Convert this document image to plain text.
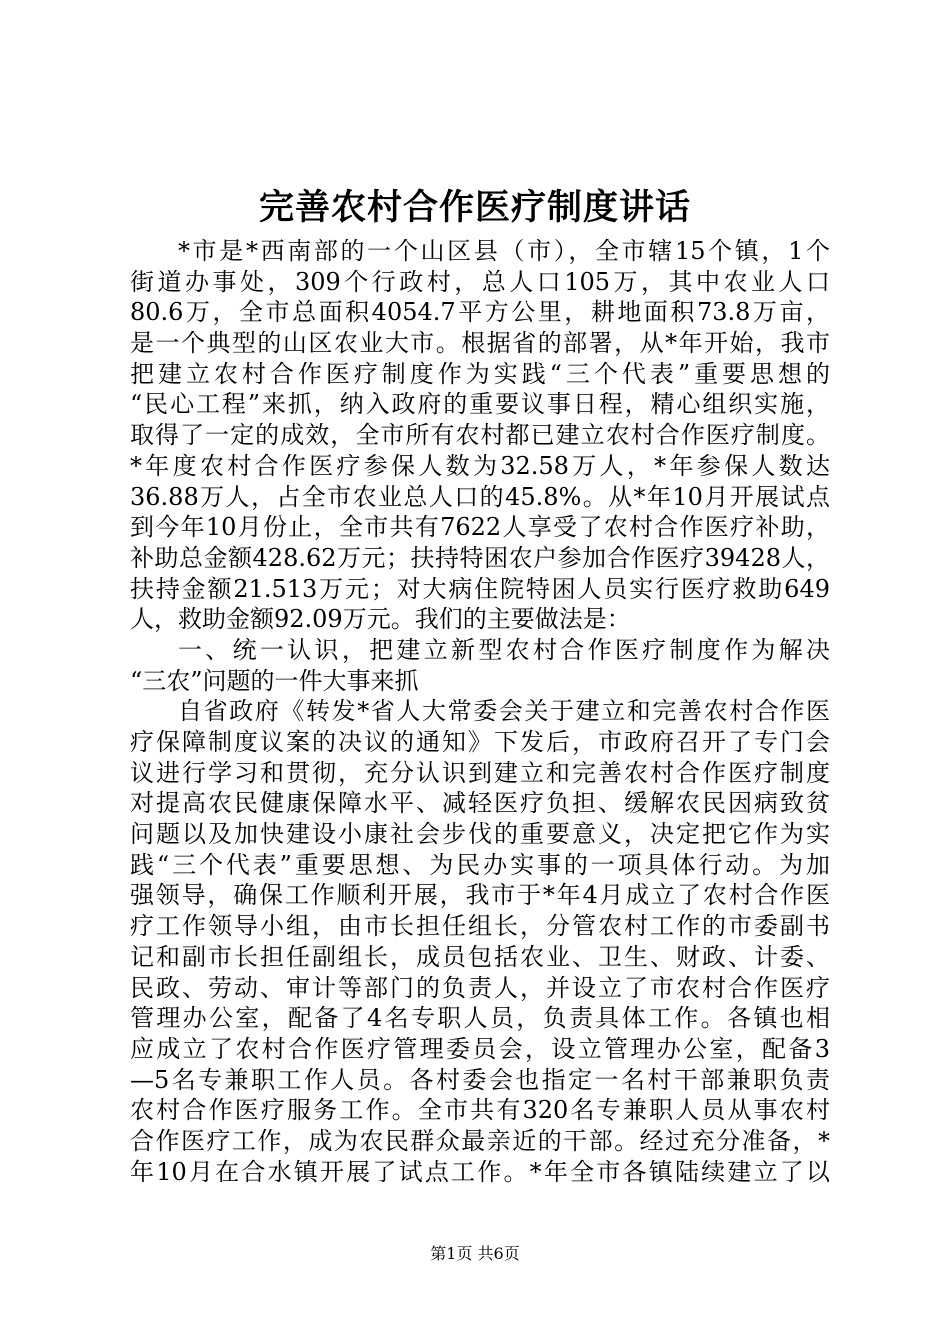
完善农村合作医疗制度讲话
*市是*西南部的一个山区县（市），全市辖15个镇，1个
街道办事处，309个行政村，总人口105万，其中农业人口
80.6万，全市总面积4054.7平方公里，耕地面积73.8万亩，
是一个典型的山区农业大市。根据省的部署，从*年开始，我市
把建立农村合作医疗制度作为实践“三个代表”重要思想的
“民心工程”来抓，纳入政府的重要议事日程，精心组织实施，
取得了一定的成效，全市所有农村都已建立农村合作医疗制度。
*年度农村合作医疗参保人数为32.58万人，*年参保人数达
36.88万人，占全市农业总人口的45.8%。从*年10月开展试点
到今年10月份止，全市共有7622人享受了农村合作医疗补助，
补助总金额428.62万元；扶持特困农户参加合作医疗39428人，
扶持金额21.513万元；对大病住院特困人员实行医疗救助649
人，救助金额92.09万元。我们的主要做法是：
一、统一认识，把建立新型农村合作医疗制度作为解决
“三农”问题的一件大事来抓
自省政府《转发*省人大常委会关于建立和完善农村合作医
疗保障制度议案的决议的通知》下发后，市政府召开了专门会
议进行学习和贯彻，充分认识到建立和完善农村合作医疗制度
对提高农民健康保障水平、减轻医疗负担、缓解农民因病致贫
问题以及加快建设小康社会步伐的重要意义，决定把它作为实
践“三个代表”重要思想、为民办实事的一项具体行动。为加
强领导，确保工作顺利开展，我市于*年4月成立了农村合作医
疗工作领导小组，由市长担任组长，分管农村工作的市委副书
记和副市长担任副组长，成员包括农业、卫生、财政、计委、
民政、劳动、审计等部门的负责人，并设立了市农村合作医疗
管理办公室，配备了4名专职人员，负责具体工作。各镇也相
应成立了农村合作医疗管理委员会，设立管理办公室，配备3
—5名专兼职工作人员。各村委会也指定一名村干部兼职负责
农村合作医疗服务工作。全市共有320名专兼职人员从事农村
合作医疗工作，成为农民群众最亲近的干部。经过充分准备，*
年10月在合水镇开展了试点工作。*年全市各镇陆续建立了以
第1页 共6页
